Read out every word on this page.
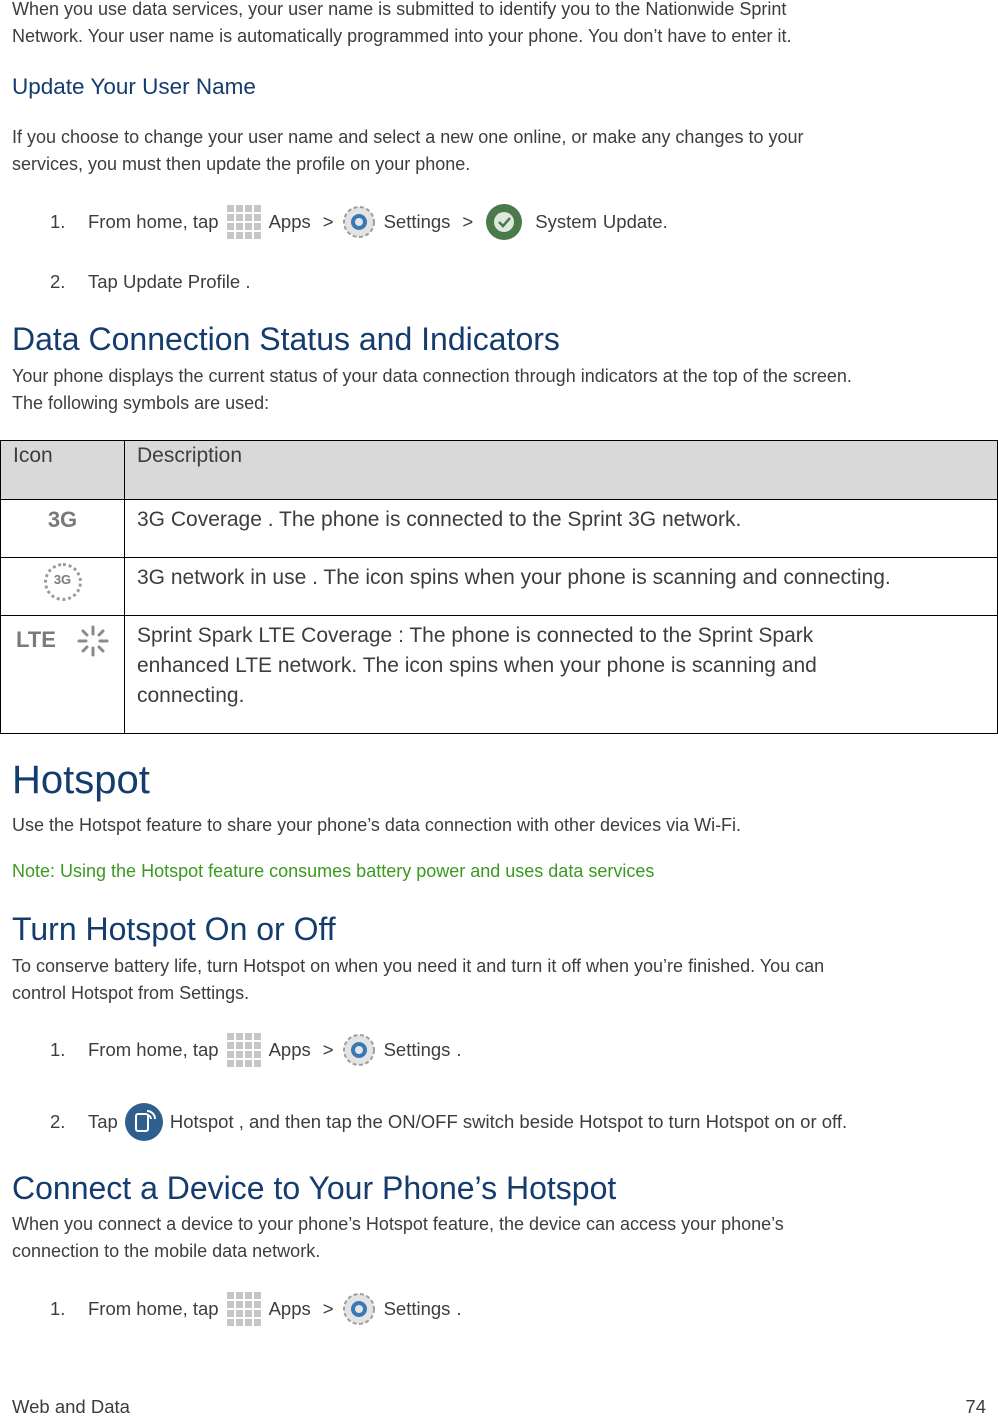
When you use data services, your user name is submitted to identify you to the Nationwide Sprint
Network. Your user name is automatically programmed into your phone. You don’t have to enter it.
Update Your User Name
If you choose to change your user name and select a new one online, or make any changes to your
services, you must then update the profile on your phone.
1.	From home, tap	Apps >	Settings >	System Update .
2.	Tap Update Profile .
Data Connection Status and Indicators
Your phone displays the current status of your data connection through indicators at the top of the screen.
The following symbols are used:
Icon	Description
3G	3G Coverage . The phone is connected to the Sprint 3G network.

3G	3G network in use . The icon spins when your phone is scanning and connecting.
LTE	Sprint Spark LTE Coverage : The phone is connected to the Sprint Spark
enhanced LTE network. The icon spins when your phone is scanning and
connecting.
Hotspot
Use the Hotspot feature to share your phone’s data connection with other devices via Wi-Fi.
Note: Using the Hotspot feature consumes battery power and uses data services
Turn Hotspot On or Off
To conserve battery life, turn Hotspot on when you need it and turn it off when you’re finished. You can
control Hotspot from Settings.
1.	From home, tap	Apps >	Settings .
2.	Tap	Hotspot , and then tap the ON/OFF switch beside Hotspot to turn Hotspot on or off.
Connect a Device to Your Phone’s Hotspot
When you connect a device to your phone’s Hotspot feature, the device can access your phone’s
connection to the mobile data network.
1.	From home, tap	Apps >	Settings .
Web and Data	74
